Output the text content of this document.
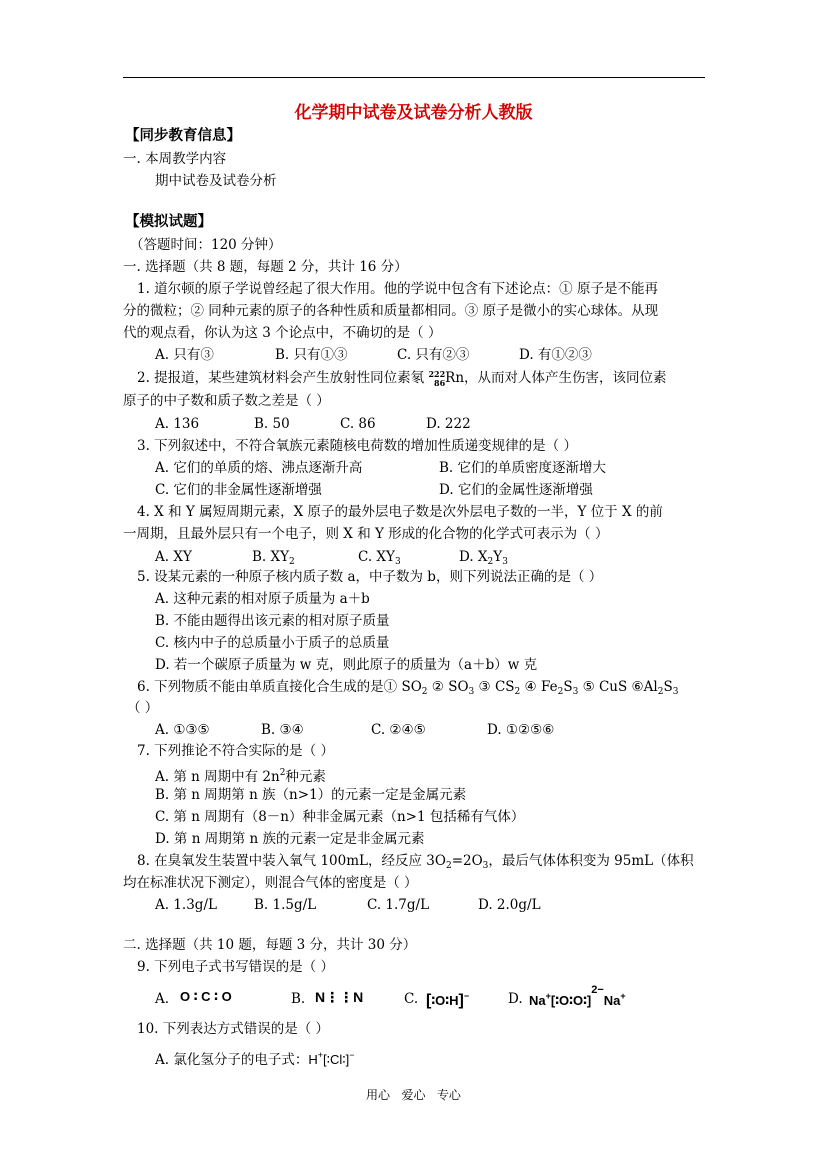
化学期中试卷及试卷分析人教版
【同步教育信息】
一. 本周教学内容
期中试卷及试卷分析
【模拟试题】
（答题时间：120 分钟）
一. 选择题（共 8 题，每题 2 分，共计 16 分）
1. 道尔顿的原子学说曾经起了很大作用。他的学说中包含有下述论点：① 原子是不能再
分的微粒；② 同种元素的原子的各种性质和质量都相同。③ 原子是微小的实心球体。从现
代的观点看，你认为这 3 个论点中，不确切的是（ ）
A. 只有③	B. 只有①③	C. 只有②③	D. 有①②③
2. 提报道，某些建筑材料会产生放射性同位素氡 222
86 Rn，从而对人体产生伤害，该同位素
原子的中子数和质子数之差是（ ）
A. 136	B. 50	C. 86	D. 222
3. 下列叙述中，不符合氧族元素随核电荷数的增加性质递变规律的是（ ）
A. 它们的单质的熔、沸点逐渐升高	B. 它们的单质密度逐渐增大
C. 它们的非金属性逐渐增强	D. 它们的金属性逐渐增强
4. X 和 Y 属短周期元素，X 原子的最外层电子数是次外层电子数的一半，Y 位于 X 的前
一周期，且最外层只有一个电子，则 X 和 Y 形成的化合物的化学式可表示为（ ）
A. XY	B. $XY_2$	C. $XY_3$	D. $X_2Y_3$
5. 设某元素的一种原子核内质子数 a，中子数为 b，则下列说法正确的是（ ）
A. 这种元素的相对原子质量为 a＋b
B. 不能由题得出该元素的相对原子质量
C. 核内中子的总质量小于质子的总质量
D. 若一个碳原子质量为 w 克，则此原子的质量为（a＋b）w 克
6. 下列物质不能由单质直接化合生成的是① $SO_2$ ② $SO_3$ ③ $CS_2$ ④ $Fe_2S_3$ ⑤ CuS $⑥Al_2S_3$
（ ）
A. ①③⑤	B. ③④	C. ②④⑤	D. ①②⑤⑥
7. 下列推论不符合实际的是（ ）
A. 第 n 周期中有 $2n^2$种元素
B. 第 n 周期第 n 族（n>1）的元素一定是金属元素
C. 第 n 周期有（8－n）种非金属元素（n>1 包括稀有气体）
D. 第 n 周期第 n 族的元素一定是非金属元素
8. 在臭氧发生装置中装入氧气 100mL，经反应 $3O_2=2O_3$，最后气体体积变为 95mL（体积
均在标准状况下测定），则混合气体的密度是（ ）
A. 1.3g/L	B. 1.5g/L	C. 1.7g/L	D. 2.0g/L
二. 选择题（共 10 题，每题 3 分，共计 30 分）
9. 下列电子式书写错误的是（ ）
A. O ∶ C ∶ O	B. N⋮⋮N	C. [∶O∶H]−	D. Na+[∶O∶O∶]$^{2-}$Na+
10. 下列表达方式错误的是（ ）
A. 氯化氢分子的电子式：H+[∶Cl∶]−
用心   爱心   专心
